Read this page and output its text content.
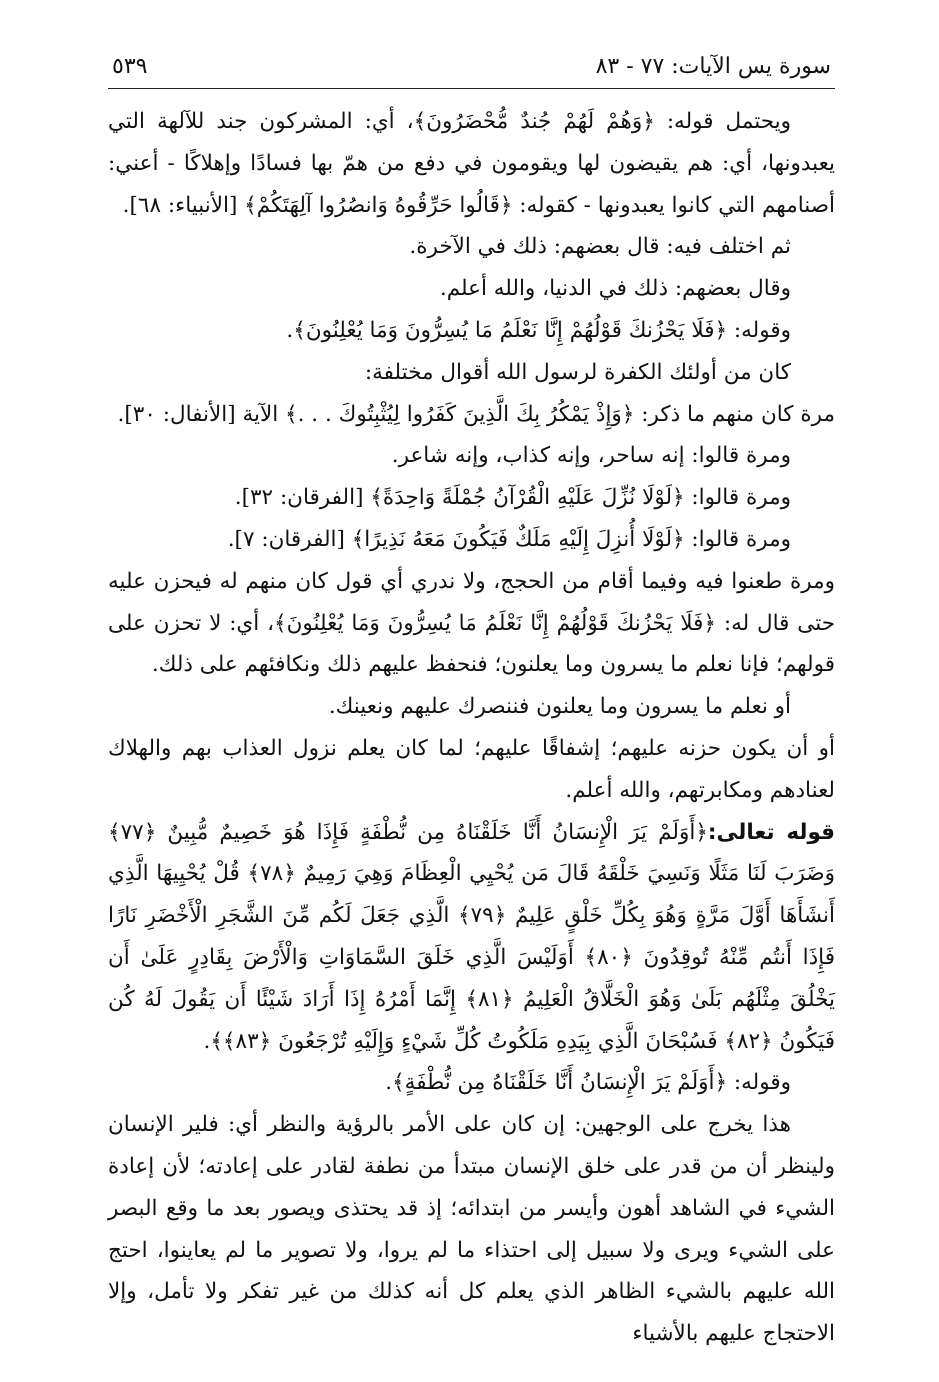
سورة يس الآيات: ٧٧ - ٨٣
٥٣٩

ويحتمل قوله: ﴿وَهُمْ لَهُمْ جُندٌ مُّحْضَرُونَ﴾، أي: المشركون جند للآلهة التي يعبدونها، أي: هم يقيضون لها ويقومون في دفع من همّ بها فسادًا وإهلاكًا - أعني: أصنامهم التي كانوا يعبدونها - كقوله: ﴿قَالُوا حَرِّقُوهُ وَانصُرُوا آلِهَتَكُمْ﴾ [الأنبياء: ٦٨].

ثم اختلف فيه: قال بعضهم: ذلك في الآخرة.

وقال بعضهم: ذلك في الدنيا، والله أعلم.

وقوله: ﴿فَلَا يَحْزُنكَ قَوْلُهُمْ إِنَّا نَعْلَمُ مَا يُسِرُّونَ وَمَا يُعْلِنُونَ﴾.

كان من أولئك الكفرة لرسول الله أقوال مختلفة:

مرة كان منهم ما ذكر: ﴿وَإِذْ يَمْكُرُ بِكَ الَّذِينَ كَفَرُوا لِيُثْبِتُوكَ . . .﴾ الآية [الأنفال: ٣٠].

ومرة قالوا: إنه ساحر، وإنه كذاب، وإنه شاعر.

ومرة قالوا: ﴿لَوْلَا نُزِّلَ عَلَيْهِ الْقُرْآنُ جُمْلَةً وَاحِدَةً﴾ [الفرقان: ٣٢].

ومرة قالوا: ﴿لَوْلَا أُنزِلَ إِلَيْهِ مَلَكٌ فَيَكُونَ مَعَهُ نَذِيرًا﴾ [الفرقان: ٧].

ومرة طعنوا فيه وفيما أقام من الحجج، ولا ندري أي قول كان منهم له فيحزن عليه حتى قال له: ﴿فَلَا يَحْزُنكَ قَوْلُهُمْ إِنَّا نَعْلَمُ مَا يُسِرُّونَ وَمَا يُعْلِنُونَ﴾، أي: لا تحزن على قولهم؛ فإنا نعلم ما يسرون وما يعلنون؛ فنحفظ عليهم ذلك ونكافئهم على ذلك.

أو نعلم ما يسرون وما يعلنون فننصرك عليهم ونعينك.

أو أن يكون حزنه عليهم؛ إشفاقًا عليهم؛ لما كان يعلم نزول العذاب بهم والهلاك لعنادهم ومكابرتهم، والله أعلم.

قوله تعالى:﴿أَوَلَمْ يَرَ الْإِنسَانُ أَنَّا خَلَقْنَاهُ مِن نُّطْفَةٍ فَإِذَا هُوَ خَصِيمٌ مُّبِينٌ ﴿٧٧﴾ وَضَرَبَ لَنَا مَثَلًا وَنَسِيَ خَلْقَهُ قَالَ مَن يُحْيِي الْعِظَامَ وَهِيَ رَمِيمٌ ﴿٧٨﴾ قُلْ يُحْيِيهَا الَّذِي أَنشَأَهَا أَوَّلَ مَرَّةٍ وَهُوَ بِكُلِّ خَلْقٍ عَلِيمٌ ﴿٧٩﴾ الَّذِي جَعَلَ لَكُم مِّنَ الشَّجَرِ الْأَخْضَرِ نَارًا فَإِذَا أَنتُم مِّنْهُ تُوقِدُونَ ﴿٨٠﴾ أَوَلَيْسَ الَّذِي خَلَقَ السَّمَاوَاتِ وَالْأَرْضَ بِقَادِرٍ عَلَىٰ أَن يَخْلُقَ مِثْلَهُم بَلَىٰ وَهُوَ الْخَلَّاقُ الْعَلِيمُ ﴿٨١﴾ إِنَّمَا أَمْرُهُ إِذَا أَرَادَ شَيْئًا أَن يَقُولَ لَهُ كُن فَيَكُونُ ﴿٨٢﴾ فَسُبْحَانَ الَّذِي بِيَدِهِ مَلَكُوتُ كُلِّ شَيْءٍ وَإِلَيْهِ تُرْجَعُونَ ﴿٨٣﴾﴾.

وقوله: ﴿أَوَلَمْ يَرَ الْإِنسَانُ أَنَّا خَلَقْنَاهُ مِن نُّطْفَةٍ﴾.

هذا يخرج على الوجهين: إن كان على الأمر بالرؤية والنظر أي: فلير الإنسان ولينظر أن من قدر على خلق الإنسان مبتدأ من نطفة لقادر على إعادته؛ لأن إعادة الشيء في الشاهد أهون وأيسر من ابتدائه؛ إذ قد يحتذى ويصور بعد ما وقع البصر على الشيء ويرى ولا سبيل إلى احتذاء ما لم يروا، ولا تصوير ما لم يعاينوا، احتج الله عليهم بالشيء الظاهر الذي يعلم كل أنه كذلك من غير تفكر ولا تأمل، وإلا الاحتجاج عليهم بالأشياء
